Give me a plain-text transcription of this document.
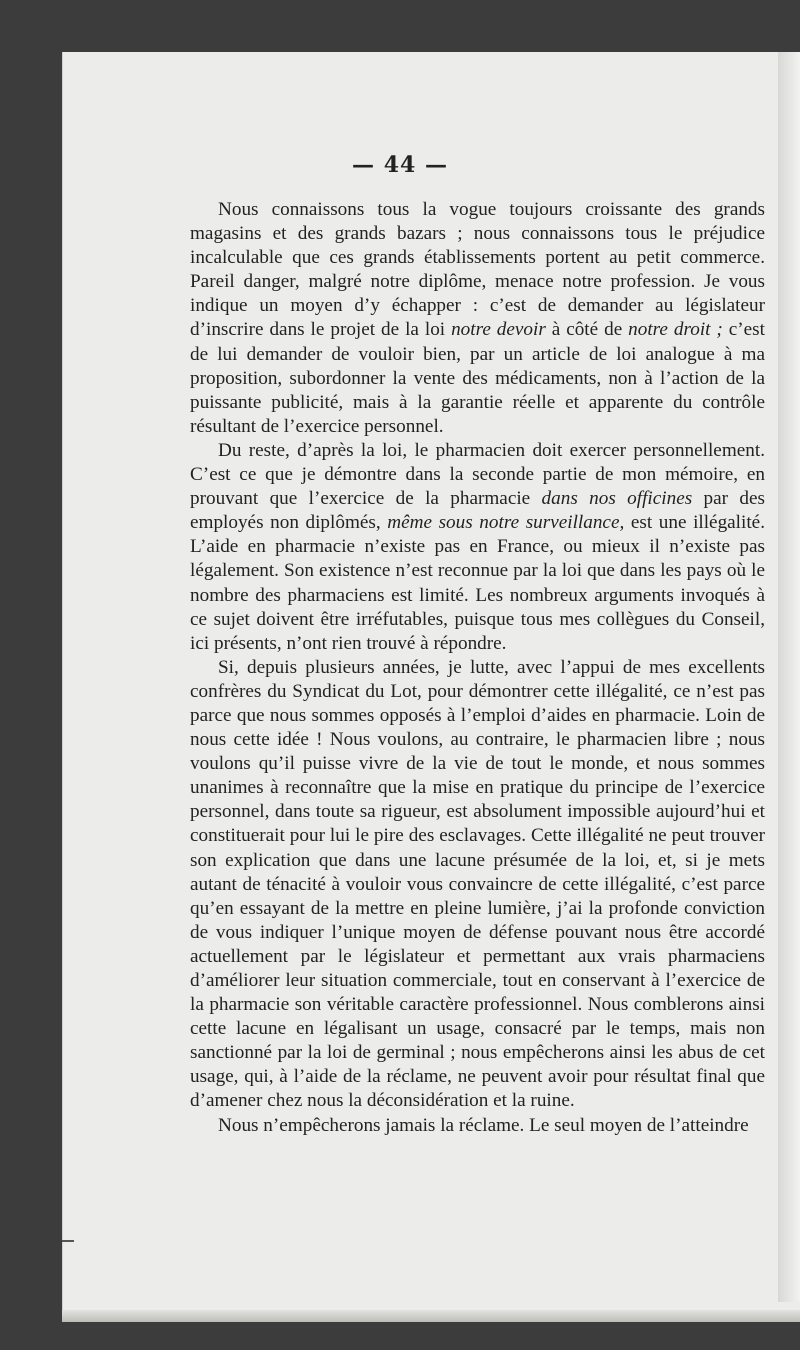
— 44 —

Nous connaissons tous la vogue toujours croissante des grands magasins et des grands bazars ; nous connaissons tous le préjudice incalculable que ces grands établissements portent au petit commerce. Pareil danger, malgré notre diplôme, menace notre profession. Je vous indique un moyen d’y échapper : c’est de demander au législateur d’inscrire dans le projet de la loi notre devoir à côté de notre droit ; c’est de lui demander de vouloir bien, par un article de loi analogue à ma proposition, subordonner la vente des médicaments, non à l’action de la puissante publicité, mais à la garantie réelle et apparente du contrôle résultant de l’exercice personnel.

Du reste, d’après la loi, le pharmacien doit exercer personnellement. C’est ce que je démontre dans la seconde partie de mon mémoire, en prouvant que l’exercice de la pharmacie dans nos officines par des employés non diplômés, même sous notre surveillance, est une illégalité. L’aide en pharmacie n’existe pas en France, ou mieux il n’existe pas légalement. Son existence n’est reconnue par la loi que dans les pays où le nombre des pharmaciens est limité. Les nombreux arguments invoqués à ce sujet doivent être irréfutables, puisque tous mes collègues du Conseil, ici présents, n’ont rien trouvé à répondre.

Si, depuis plusieurs années, je lutte, avec l’appui de mes excellents confrères du Syndicat du Lot, pour démontrer cette illégalité, ce n’est pas parce que nous sommes opposés à l’emploi d’aides en pharmacie. Loin de nous cette idée ! Nous voulons, au contraire, le pharmacien libre ; nous voulons qu’il puisse vivre de la vie de tout le monde, et nous sommes unanimes à reconnaître que la mise en pratique du principe de l’exercice personnel, dans toute sa rigueur, est absolument impossible aujourd’hui et constituerait pour lui le pire des esclavages. Cette illégalité ne peut trouver son explication que dans une lacune présumée de la loi, et, si je mets autant de ténacité à vouloir vous convaincre de cette illégalité, c’est parce qu’en essayant de la mettre en pleine lumière, j’ai la profonde conviction de vous indiquer l’unique moyen de défense pouvant nous être accordé actuellement par le législateur et permettant aux vrais pharmaciens d’améliorer leur situation commerciale, tout en conservant à l’exercice de la pharmacie son véritable caractère professionnel. Nous comblerons ainsi cette lacune en légalisant un usage, consacré par le temps, mais non sanctionné par la loi de germinal ; nous empêcherons ainsi les abus de cet usage, qui, à l’aide de la réclame, ne peuvent avoir pour résultat final que d’amener chez nous la déconsidération et la ruine.

Nous n’empêcherons jamais la réclame. Le seul moyen de l’atteindre
